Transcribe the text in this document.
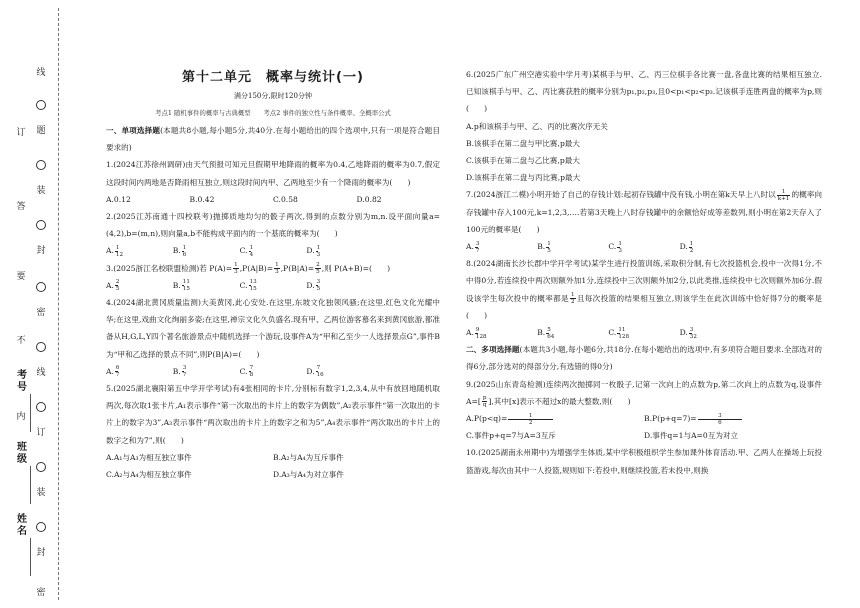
线
题
订
答
装
要
封
不
密
内
线
订
装
封
密
考号
班级
姓名
第十二单元　概率与统计(一)
满分150分,限时120分钟
考点1 随机事件的概率与古典概型　　考点2 事件的独立性与条件概率、全概率公式
一、单项选择题(本题共8小题,每小题5分,共40分.在每小题给出的四个选项中,只有一项是符合题目要求的)
1.(2024江苏徐州调研)由天气预报可知元旦假期甲地降雨的概率为0.4,乙地降雨的概率为0.7,假定这段时间内两地是否降雨相互独立,则这段时间内甲、乙两地至少有一个降雨的概率为(　　)
A.0.12	B.0.42	C.0.58	D.0.82
2.(2025江苏南通十四校联考)抛掷质地均匀的骰子两次,得到的点数分别为m,n.设平面向量a=(4,2),b=(m,n),则向量a,b不能构成平面内的一个基底的概率为(　　)
A. $\frac{1}{12}$	B. $\frac{1}{6}$	C. $\frac{1}{4}$	D. $\frac{1}{3}$
3.(2025浙江名校联盟检测)若 $P(A)= \frac{1}{3} ,P(A|B)= \frac{1}{3} ,P(B|A)= \frac{2}{5}$ ,则 P(A+B)=(　　)
A. $\frac{2}{5}$	B. $\frac{11}{15}$	C. $\frac{13}{15}$	D. $\frac{3}{5}$
4.(2024湖北黄冈质量监测)大美黄冈,此心安处.在这里,东坡文化独领风骚;在这里,红色文化光耀中华;在这里,戏曲文化绚丽多姿;在这里,禅宗文化久负盛名.现有甲、乙两位游客慕名来到黄冈旅游,都准备从H,G,L,Y四个著名旅游景点中随机选择一个游玩,设事件A为“甲和乙至少一人选择景点G”,事件B为“甲和乙选择的景点不同”,则P(B|A)=(　　)
A. $\frac{6}{7}$	B. $\frac{3}{7}$	C. $\frac{7}{8}$	D. $\frac{7}{16}$
5.(2025湖北襄阳第五中学开学考试)有4张相同的卡片,分别标有数字1,2,3,4,从中有放回地随机取两次,每次取1张卡片,A₁表示事件“第一次取出的卡片上的数字为偶数”,A₂表示事件“第一次取出的卡片上的数字为3”,A₃表示事件“两次取出的卡片上的数字之和为5”,A₄表示事件“两次取出的卡片上的数字之和为7”,则(　　)
A.A₁与A₃为相互独立事件	B.A₂与A₄为互斥事件
C.A₂与A₄为相互独立事件	D.A₃与A₄为对立事件
6.(2025广东广州空港实验中学月考)某棋手与甲、乙、丙三位棋手各比赛一盘,各盘比赛的结果相互独立.已知该棋手与甲、乙、丙比赛获胜的概率分别为p₁,p₂,p₃,且0<p₁<p₂<p₃.记该棋手连胜两盘的概率为p,则(　　)
A.p和该棋手与甲、乙、丙的比赛次序无关
B.该棋手在第二盘与甲比赛,p最大
C.该棋手在第二盘与乙比赛,p最大
D.该棋手在第二盘与丙比赛,p最大
7.(2024浙江二模)小明开始了自己的存钱计划:起初存钱罐中没有钱,小明在第k天早上八时以 $\frac{1}{k+1}$ 的概率向存钱罐中存入100元,k=1,2,3,….若第3天晚上八时存钱罐中的余额恰好成等差数列,则小明在第2天存入了100元的概率是(　　)
A. $\frac{3}{7}$	B. $\frac{1}{5}$	C. $\frac{1}{3}$	D. $\frac{1}{2}$
8.(2024湖南长沙长郡中学开学考试)某学生进行投篮训练,采取积分制,有七次投篮机会,投中一次得1分,不中得0分,若连续投中两次则额外加1分,连续投中三次则额外加2分,以此类推,连续投中七次则额外加6分.假设该学生每次投中的概率都是 $\frac{1}{2}$ 且每次投篮的结果相互独立,则该学生在此次训练中恰好得7分的概率是(　　)
A. $\frac{9}{128}$	B. $\frac{5}{64}$	C. $\frac{11}{128}$	D. $\frac{3}{32}$
二、多项选择题(本题共3小题,每小题6分,共18分.在每小题给出的选项中,有多项符合题目要求.全部选对的得6分,部分选对的得部分分,有选错的得0分)
9.(2025山东青岛检测)连续两次抛掷同一枚骰子,记第一次向上的点数为p,第二次向上的点数为q,设事件$A=[ \frac{p}{q}$ ],其中[x]表示不超过x的最大整数,则(　　)
$A.P(p<q)= \frac{1}{2}$	$B.P(p+q=7)= \frac{3}{6}$
C.事件p+q=7与A=3互斥	D.事件q=1与A=0互为对立
10.(2025湖南永州期中)为增强学生体质,某中学积极组织学生参加课外体育活动.甲、乙两人在操场上玩投篮游戏,每次由其中一人投篮,规则如下:若投中,则继续投篮,若未投中,则换
